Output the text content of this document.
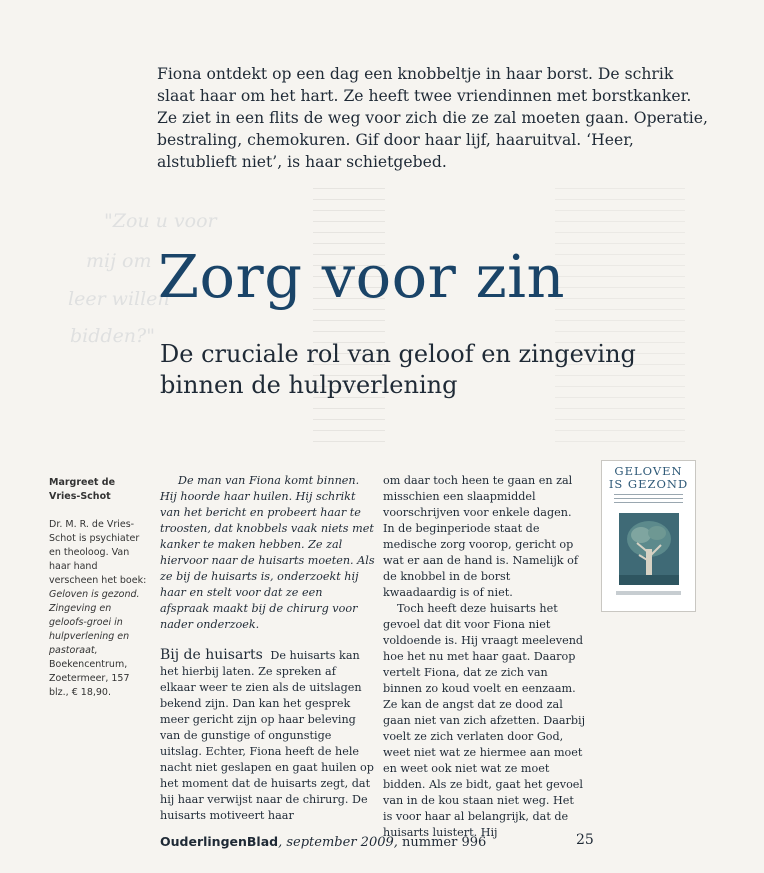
"Zou u voor
mij om
leer willen
bidden?"

Fiona ontdekt op een dag een knobbeltje in haar borst. De schrik slaat haar om het hart. Ze heeft twee vriendinnen met borstkanker. Ze ziet in een flits de weg voor zich die ze zal moeten gaan. Operatie, bestraling, chemokuren. Gif door haar lijf, haaruitval. ‘Heer, alstublieft niet’, is haar schietgebed.

Zorg voor zin
De cruciale rol van geloof en zingeving binnen de hulpverlening

Margreet de Vries-Schot

Dr. M. R. de Vries-Schot is psychiater en theoloog. Van haar hand verscheen het boek:

Geloven is gezond. Zingeving en geloofs-groei in hulpverlening en pastoraat,

Boekencentrum, Zoetermeer, 157 blz., € 18,90.

De man van Fiona komt binnen. Hij hoorde haar huilen. Hij schrikt van het bericht en probeert haar te troosten, dat knobbels vaak niets met kanker te maken hebben. Ze zal hiervoor naar de huisarts moeten. Als ze bij de huisarts is, onderzoekt hij haar en stelt voor dat ze een afspraak maakt bij de chirurg voor nader onderzoek.

Bij de huisarts De huisarts kan het hierbij laten. Ze spreken af elkaar weer te zien als de uitslagen bekend zijn. Dan kan het gesprek meer gericht zijn op haar beleving van de gunstige of ongunstige uitslag. Echter, Fiona heeft de hele nacht niet geslapen en gaat huilen op het moment dat de huisarts zegt, dat hij haar verwijst naar de chirurg. De huisarts motiveert haar

om daar toch heen te gaan en zal misschien een slaapmiddel voorschrijven voor enkele dagen. In de beginperiode staat de medische zorg voorop, gericht op wat er aan de hand is. Namelijk of de knobbel in de borst kwaadaardig is of niet.

Toch heeft deze huisarts het gevoel dat dit voor Fiona niet voldoende is. Hij vraagt meelevend hoe het nu met haar gaat. Daarop vertelt Fiona, dat ze zich van binnen zo koud voelt en eenzaam. Ze kan de angst dat ze dood zal gaan niet van zich afzetten. Daarbij voelt ze zich verlaten door God, weet niet wat ze hiermee aan moet en weet ook niet wat ze moet bidden. Als ze bidt, gaat het gevoel van in de kou staan niet weg. Het is voor haar al belangrijk, dat de huisarts luistert. Hij

GELOVEN
IS GEZOND
OuderlingenBlad, september 2009, nummer 996	25
